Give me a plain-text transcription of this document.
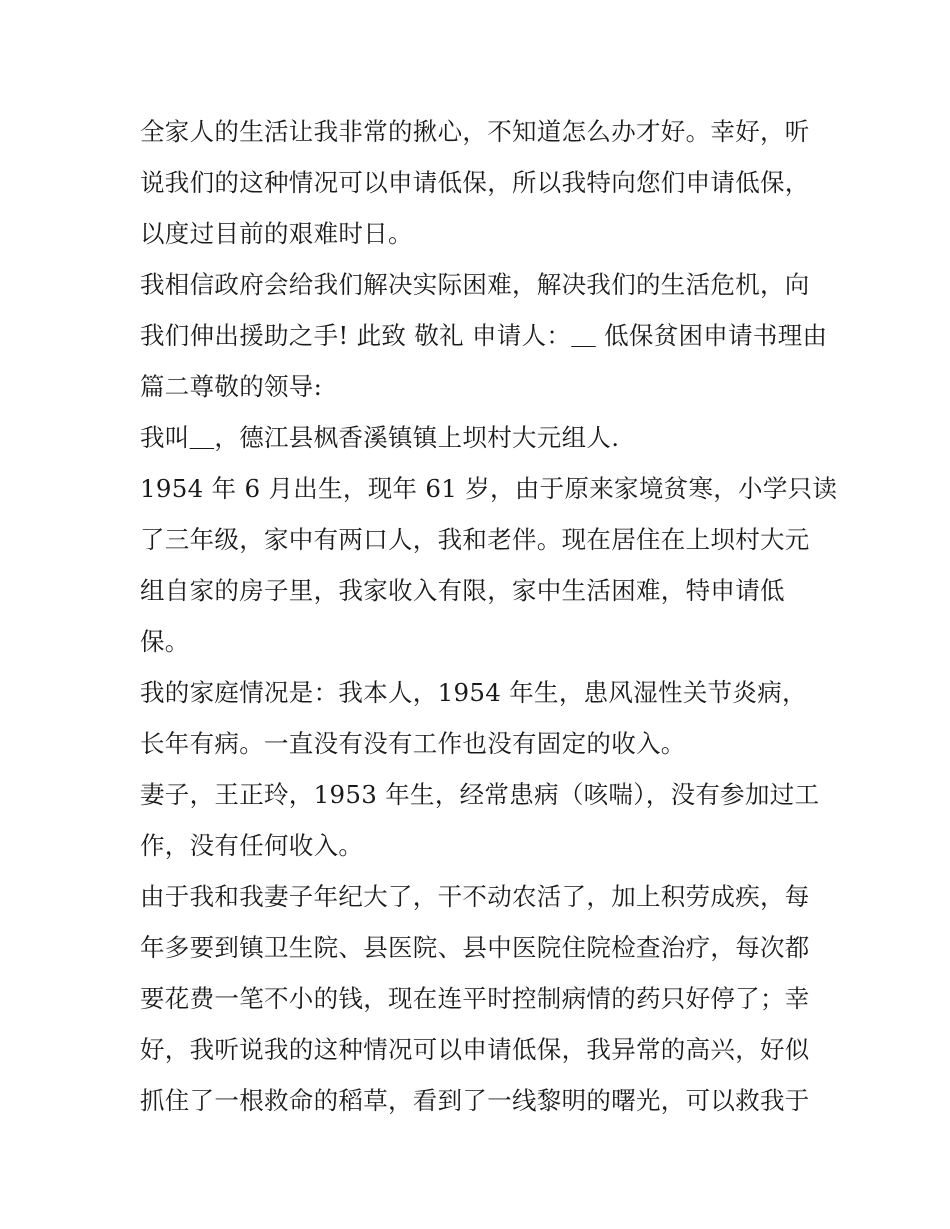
全家人的生活让我非常的揪心，不知道怎么办才好。幸好，听
说我们的这种情况可以申请低保，所以我特向您们申请低保，
以度过目前的艰难时日。
我相信政府会给我们解决实际困难，解决我们的生活危机，向
我们伸出援助之手! 此致 敬礼 申请人：＿ 低保贫困申请书理由
篇二尊敬的领导:
我叫＿，德江县枫香溪镇镇上坝村大元组人.
1954 年 6 月出生，现年 61 岁，由于原来家境贫寒，小学只读
了三年级，家中有两口人，我和老伴。现在居住在上坝村大元
组自家的房子里，我家收入有限，家中生活困难，特申请低
保。
我的家庭情况是：我本人，1954 年生，患风湿性关节炎病，
长年有病。一直没有没有工作也没有固定的收入。
妻子，王正玲，1953 年生，经常患病（咳喘），没有参加过工
作，没有任何收入。
由于我和我妻子年纪大了，干不动农活了，加上积劳成疾，每
年多要到镇卫生院、县医院、县中医院住院检查治疗，每次都
要花费一笔不小的钱，现在连平时控制病情的药只好停了；幸
好，我听说我的这种情况可以申请低保，我异常的高兴，好似
抓住了一根救命的稻草，看到了一线黎明的曙光，可以救我于
